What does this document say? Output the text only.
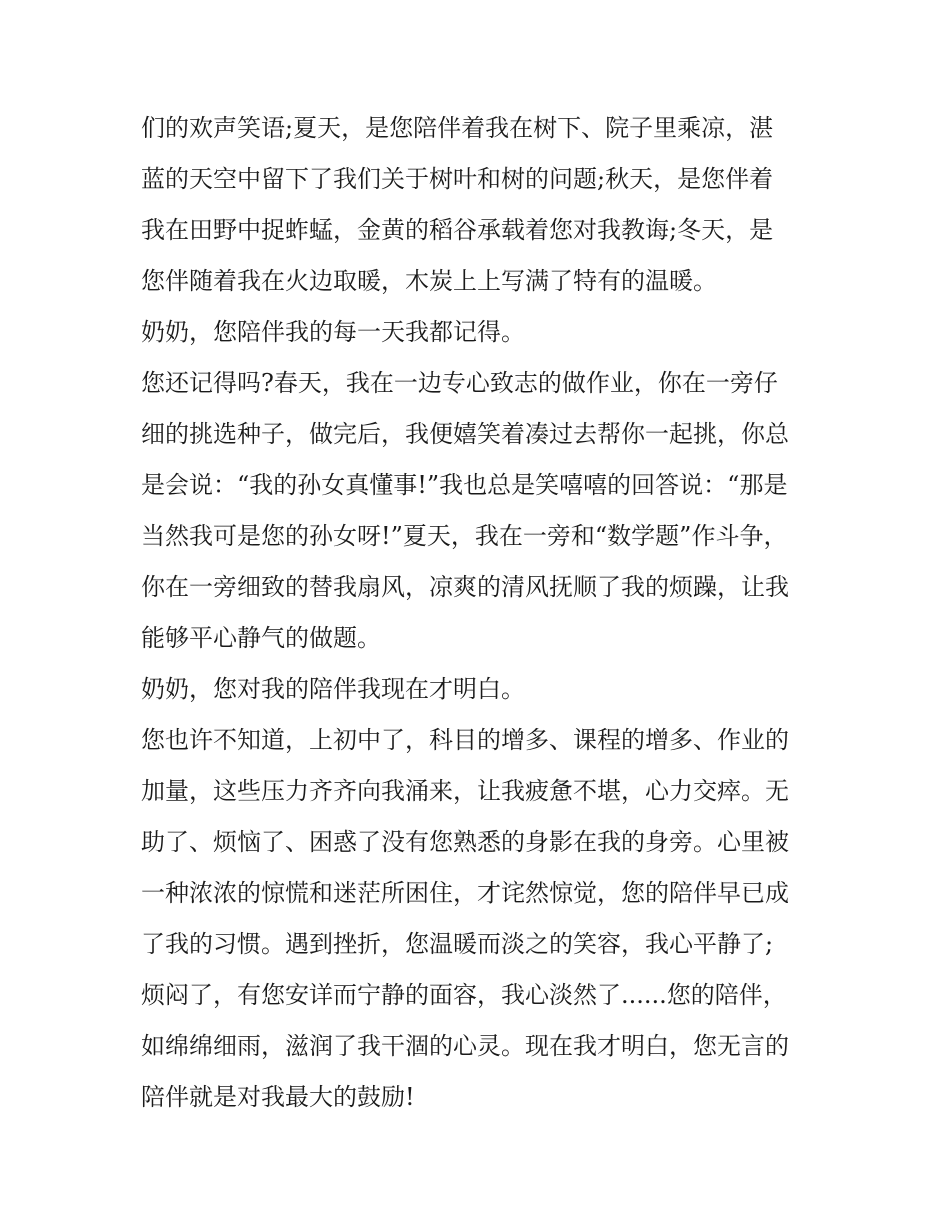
们的欢声笑语;夏天，是您陪伴着我在树下、院子里乘凉，湛
蓝的天空中留下了我们关于树叶和树的问题;秋天，是您伴着
我在田野中捉蚱蜢，金黄的稻谷承载着您对我教诲;冬天，是
您伴随着我在火边取暖，木炭上上写满了特有的温暖。
奶奶，您陪伴我的每一天我都记得。
您还记得吗?春天，我在一边专心致志的做作业，你在一旁仔
细的挑选种子，做完后，我便嬉笑着凑过去帮你一起挑，你总
是会说：“我的孙女真懂事!”我也总是笑嘻嘻的回答说：“那是
当然我可是您的孙女呀!”夏天，我在一旁和“数学题”作斗争，
你在一旁细致的替我扇风，凉爽的清风抚顺了我的烦躁，让我
能够平心静气的做题。
奶奶，您对我的陪伴我现在才明白。
您也许不知道，上初中了，科目的增多、课程的增多、作业的
加量，这些压力齐齐向我涌来，让我疲惫不堪，心力交瘁。无
助了、烦恼了、困惑了没有您熟悉的身影在我的身旁。心里被
一种浓浓的惊慌和迷茫所困住，才诧然惊觉，您的陪伴早已成
了我的习惯。遇到挫折，您温暖而淡之的笑容，我心平静了;
烦闷了，有您安详而宁静的面容，我心淡然了......您的陪伴，
如绵绵细雨，滋润了我干涸的心灵。现在我才明白，您无言的
陪伴就是对我最大的鼓励!
